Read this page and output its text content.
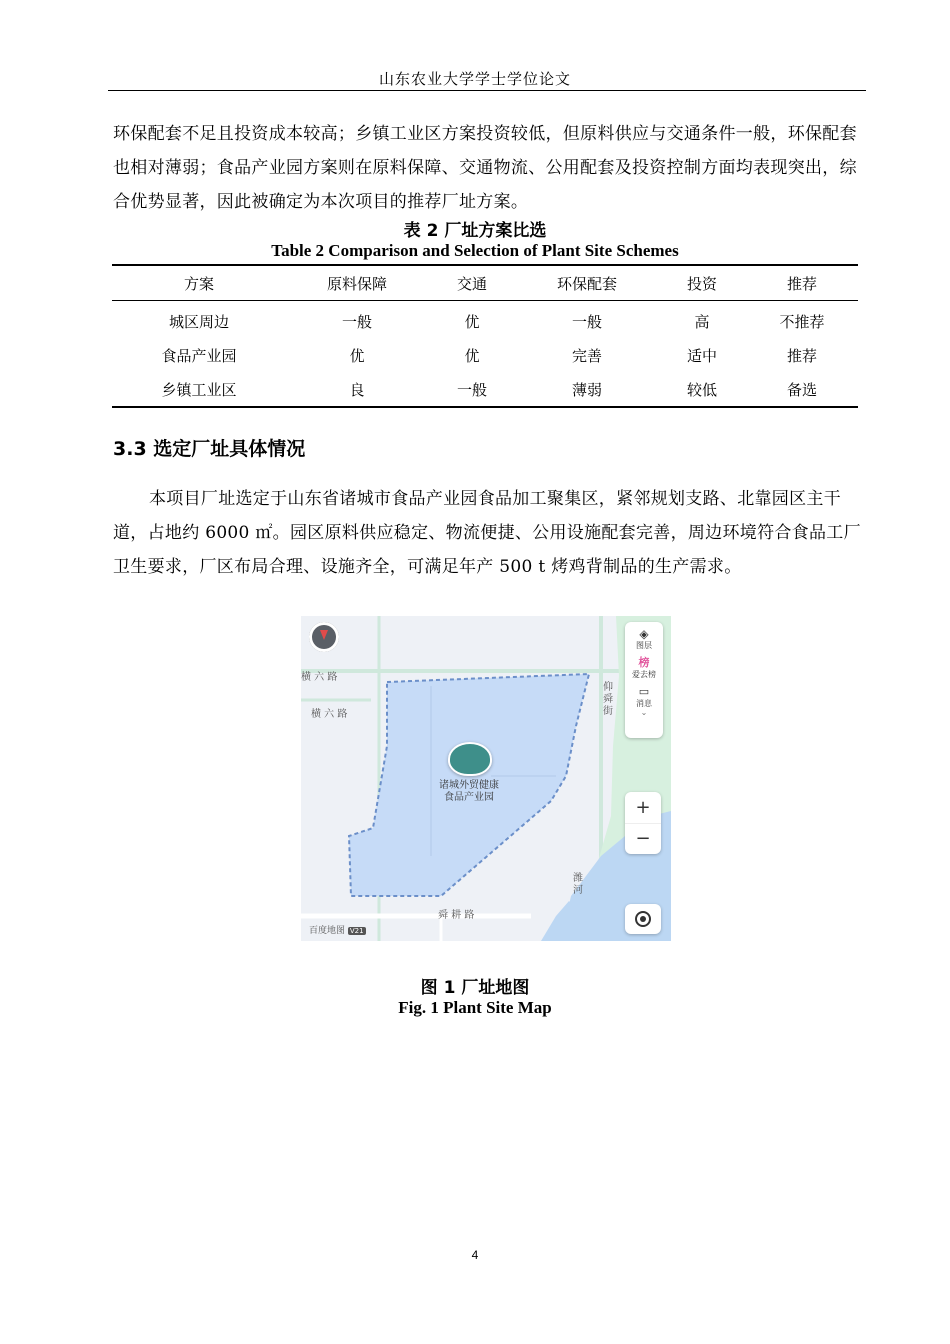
山东农业大学学士学位论文
环保配套不足且投资成本较高；乡镇工业区方案投资较低，但原料供应与交通条件一般，环保配套也相对薄弱；食品产业园方案则在原料保障、交通物流、公用配套及投资控制方面均表现突出，综合优势显著，因此被确定为本次项目的推荐厂址方案。
表 2 厂址方案比选
Table 2 Comparison and Selection of Plant Site Schemes
方案	原料保障	交通	环保配套	投资	推荐
城区周边	一般	优	一般	高	不推荐
食品产业园	优	优	完善	适中	推荐
乡镇工业区	良	一般	薄弱	较低	备选
3.3 选定厂址具体情况
本项目厂址选定于山东省诸城市食品产业园食品加工聚集区，紧邻规划支路、北靠园区主干道，占地约 6000 ㎡。园区原料供应稳定、物流便捷、公用设施配套完善，周边环境符合食品工厂卫生要求，厂区布局合理、设施齐全，可满足年产 500 t 烤鸡背制品的生产需求。
横 六 路
横 六 路
仰舜街
舜 耕 路
潍河
诸城外贸健康
食品产业园
◈
图层
榜
爱去榜
▭
消息
⌄
+
−
百度地图 V21
图 1 厂址地图
Fig. 1 Plant Site Map
4
